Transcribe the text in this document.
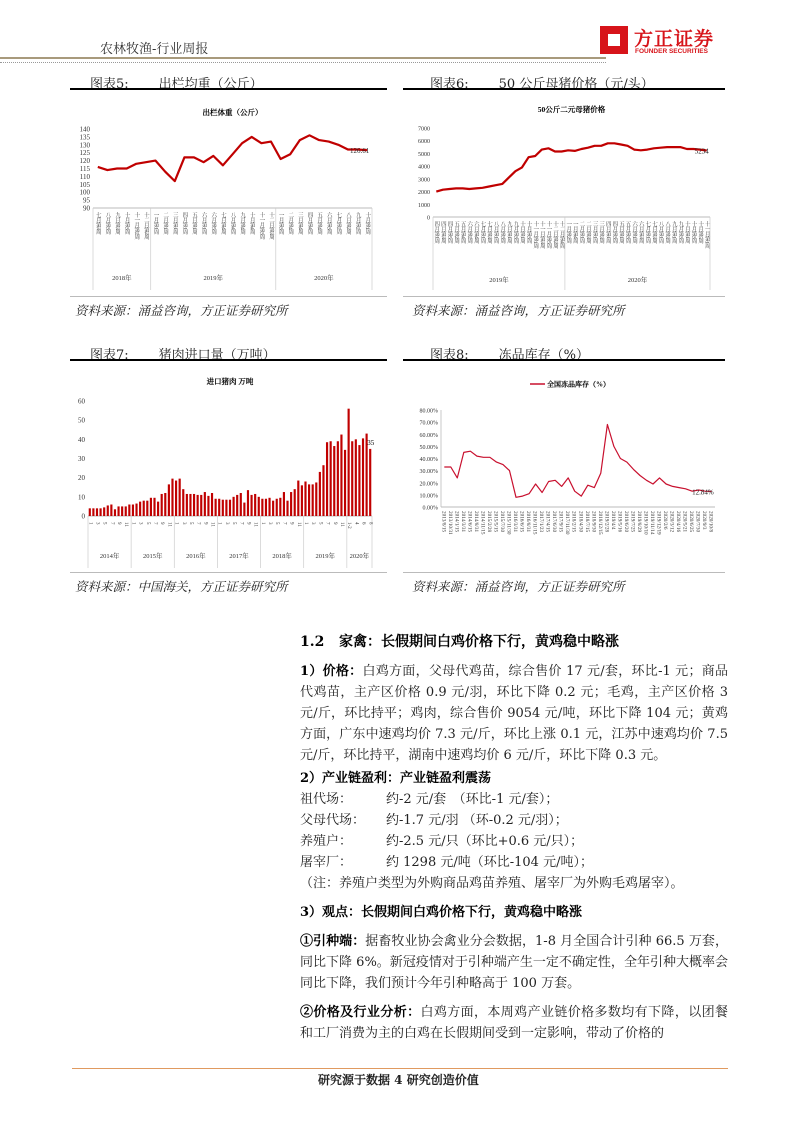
农林牧渔-行业周报	方正证券
FOUNDER SECURITIES
图表5: 出栏均重（公斤）	图表6: 50 公斤母猪价格（元/头）
出栏体重（公斤）
90
95
100
105
110
115
120
125
130
135
140
126.61
七月第3周 八月第3周 九月第3周 十月第3周 十一月第2周 十二月第2周 一月第1周 二月第1周 三月第1周 四月第1周 五月第1周 六月第1周 六月第5周 七月第4周 八月第4周 九月第4周 十月第4周 十一月第3周 十二月第3周 一月第3周 二月第4周 三月第4周 四月第4周 五月第4周 六月第3周 七月第2周 八月第2周 九月第2周 十月第1周
2018年	2019年	2020年
50公斤二元母猪价格
0
1000
2000
3000
4000
5000
6000
7000
5234
四月第1周 四月第3周 四月第5周 五月第2周 五月第4周 六月第2周 六月第4周 七月第1周 七月第3周 八月第1周 八月第3周 九月第1周 九月第3周 十月第1周 十月第3周 十一月第1周 十一月第3周 十一月第5周 十二月第2周 十二月第4周 一月第2周 一月第4周 二月第1周 二月第3周 三月第1周 三月第3周 四月第1周 四月第3周 五月第1周 五月第3周 六月第1周 六月第3周 七月第1周 七月第3周 八月第1周 八月第3周 九月第1周 九月第3周 十月第1周 十月第3周 十月第5周 十一月第1周
2019年	2020年
资料来源：涌益咨询，方正证券研究所	资料来源：涌益咨询，方正证券研究所
图表7: 猪肉进口量（万吨）	图表8: 冻品库存（%）
进口猪肉 万吨
0
10
20
30
40
50
60
35
1 3 5 7 9 11 1 3 5 7 9 11 1 3 5 7 9 11 1 3 5 7 9 11 1 3 5 7 9 11 1 3 5 7 9 11 1-2 4 6 8
2014年	2015年	2016年	2017年	2018年	2019年 2020年
全国冻品库存（%）
0.00%
10.00%
20.00%
30.00%
40.00%
50.00%
60.00%
70.00%
80.00%
12.84%
2013/8/15 2013/10/31 2014/1/15 2014/3/31 2014/6/15 2014/8/31 2014/11/15 2015/2/28 2015/5/15 2015/7/30 2015/11/30 2016/3/31 2016/6/15 2016/8/31 2016/11/15 2017/1/23 2017/4/15 2017/6/30 2017/9/15 2017/11/30 2018/2/15 2018/4/30 2018/7/15 2018/9/30 2018/12/15 2019/2/28 2019/4/4 2019/5/16 2019/6/20 2019/7/25 2019/8/29 2019/10/10 2019/11/14 2019/12/19 2020/2/6 2020/3/12 2020/4/16 2020/5/21 2020/6/25 2020/7/30 2020/9/3 2020/10/8
资料来源：中国海关，方正证券研究所	资料来源：涌益咨询，方正证券研究所

1.2   家禽：长假期间白鸡价格下行，黄鸡稳中略涨

1）价格：白鸡方面，父母代鸡苗，综合售价 17 元/套，环比-1 元；商品代鸡苗，主产区价格 0.9 元/羽，环比下降 0.2 元；毛鸡，主产区价格 3 元/斤，环比持平；鸡肉，综合售价 9054 元/吨，环比下降 104 元；黄鸡方面，广东中速鸡均价 7.3 元/斤，环比上涨 0.1 元，江苏中速鸡均价 7.5 元/斤，环比持平，湖南中速鸡均价 6 元/斤，环比下降 0.3 元。

2）产业链盈利：产业链盈利震荡

祖代场：	约-2 元/套　（环比-1 元/套）；
父母代场： 约-1.7 元/羽 （环-0.2 元/羽）；
养殖户：	约-2.5 元/只（环比+0.6 元/只）；
屠宰厂：	约 1298 元/吨（环比-104 元/吨）；

（注：养殖户类型为外购商品鸡苗养殖、屠宰厂为外购毛鸡屠宰）。

3）观点：长假期间白鸡价格下行，黄鸡稳中略涨

①引种端：据畜牧业协会禽业分会数据，1-8 月全国合计引种 66.5 万套，同比下降 6%。新冠疫情对于引种端产生一定不确定性，全年引种大概率会同比下降，我们预计今年引种略高于 100 万套。

②价格及行业分析：白鸡方面，本周鸡产业链价格多数均有下降，以团餐和工厂消费为主的白鸡在长假期间受到一定影响，带动了价格的

研究源于数据 4 研究创造价值
